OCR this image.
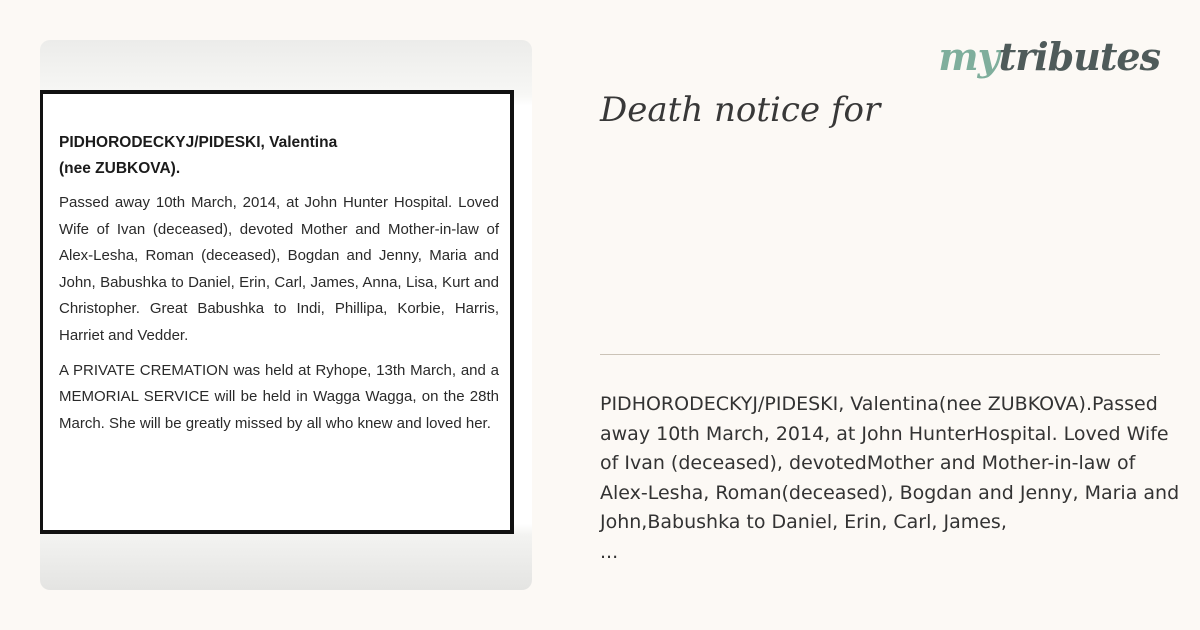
PIDHORODECKYJ/PIDESKI, Valentina
(nee ZUBKOVA).

Passed away 10th March, 2014, at John Hunter Hospital. Loved Wife of Ivan (deceased), devoted Mother and Mother-in-law of Alex-Lesha, Roman (deceased), Bogdan and Jenny, Maria and John, Babushka to Daniel, Erin, Carl, James, Anna, Lisa, Kurt and Christopher. Great Babushka to Indi, Phillipa, Korbie, Harris, Harriet and Vedder.

A PRIVATE CREMATION was held at Ryhope, 13th March, and a MEMORIAL SERVICE will be held in Wagga Wagga, on the 28th March. She will be greatly missed by all who knew and loved her.

mytributes
Death notice for

PIDHORODECKYJ/PIDESKI, Valentina(nee ZUBKOVA).Passed away 10th March, 2014, at John HunterHospital. Loved Wife of Ivan (deceased), devotedMother and Mother-in-law of Alex-Lesha, Roman(deceased), Bogdan and Jenny, Maria and John,Babushka to Daniel, Erin, Carl, James,
...
